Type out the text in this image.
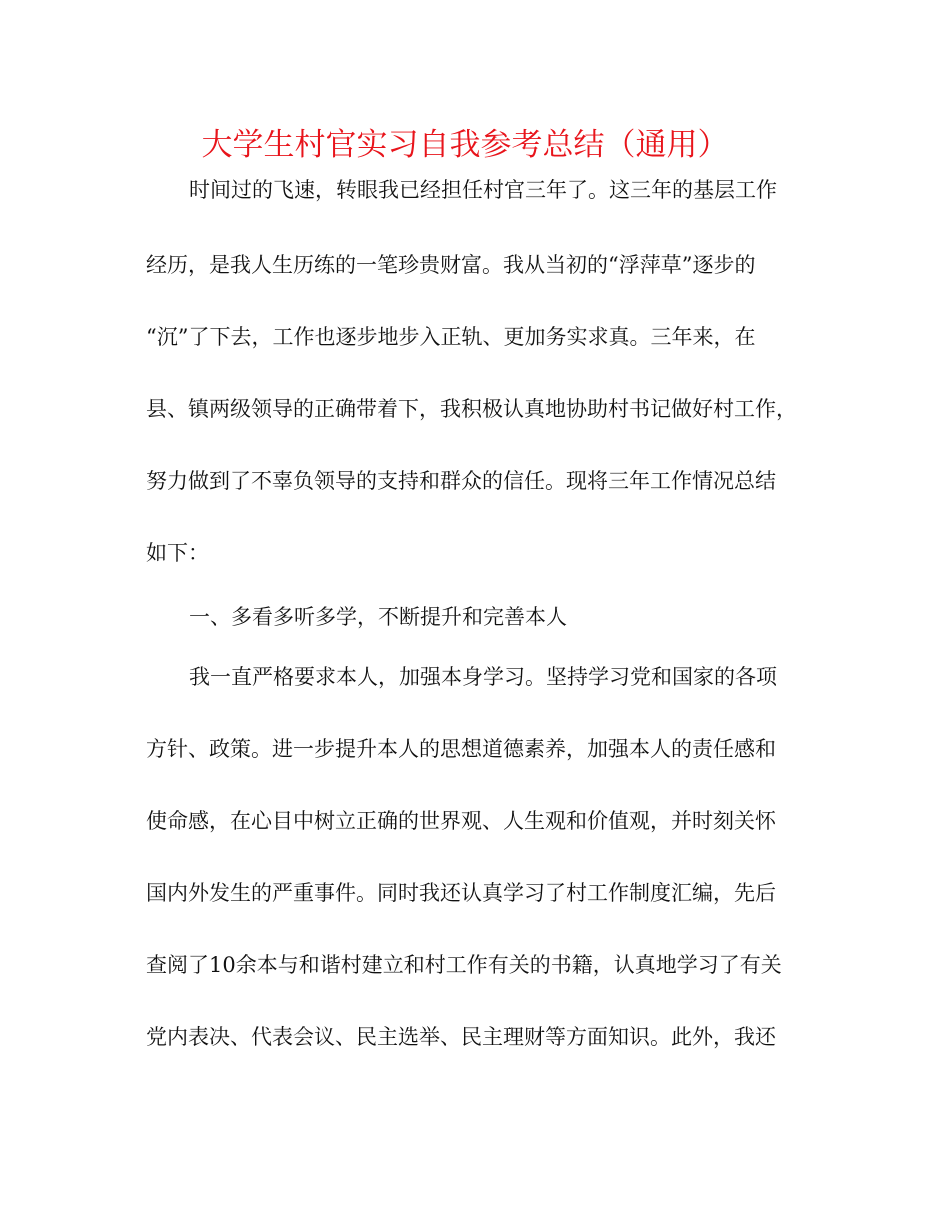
大学生村官实习自我参考总结（通用）
时间过的飞速，转眼我已经担任村官三年了。这三年的基层工作
经历，是我人生历练的一笔珍贵财富。我从当初的“浮萍草”逐步的
“沉”了下去，工作也逐步地步入正轨、更加务实求真。三年来，在
县、镇两级领导的正确带着下，我积极认真地协助村书记做好村工作，
努力做到了不辜负领导的支持和群众的信任。现将三年工作情况总结
如下：
一、多看多听多学，不断提升和完善本人
我一直严格要求本人，加强本身学习。坚持学习党和国家的各项
方针、政策。进一步提升本人的思想道德素养，加强本人的责任感和
使命感，在心目中树立正确的世界观、人生观和价值观，并时刻关怀
国内外发生的严重事件。同时我还认真学习了村工作制度汇编，先后
查阅了10余本与和谐村建立和村工作有关的书籍，认真地学习了有关
党内表决、代表会议、民主选举、民主理财等方面知识。此外，我还
